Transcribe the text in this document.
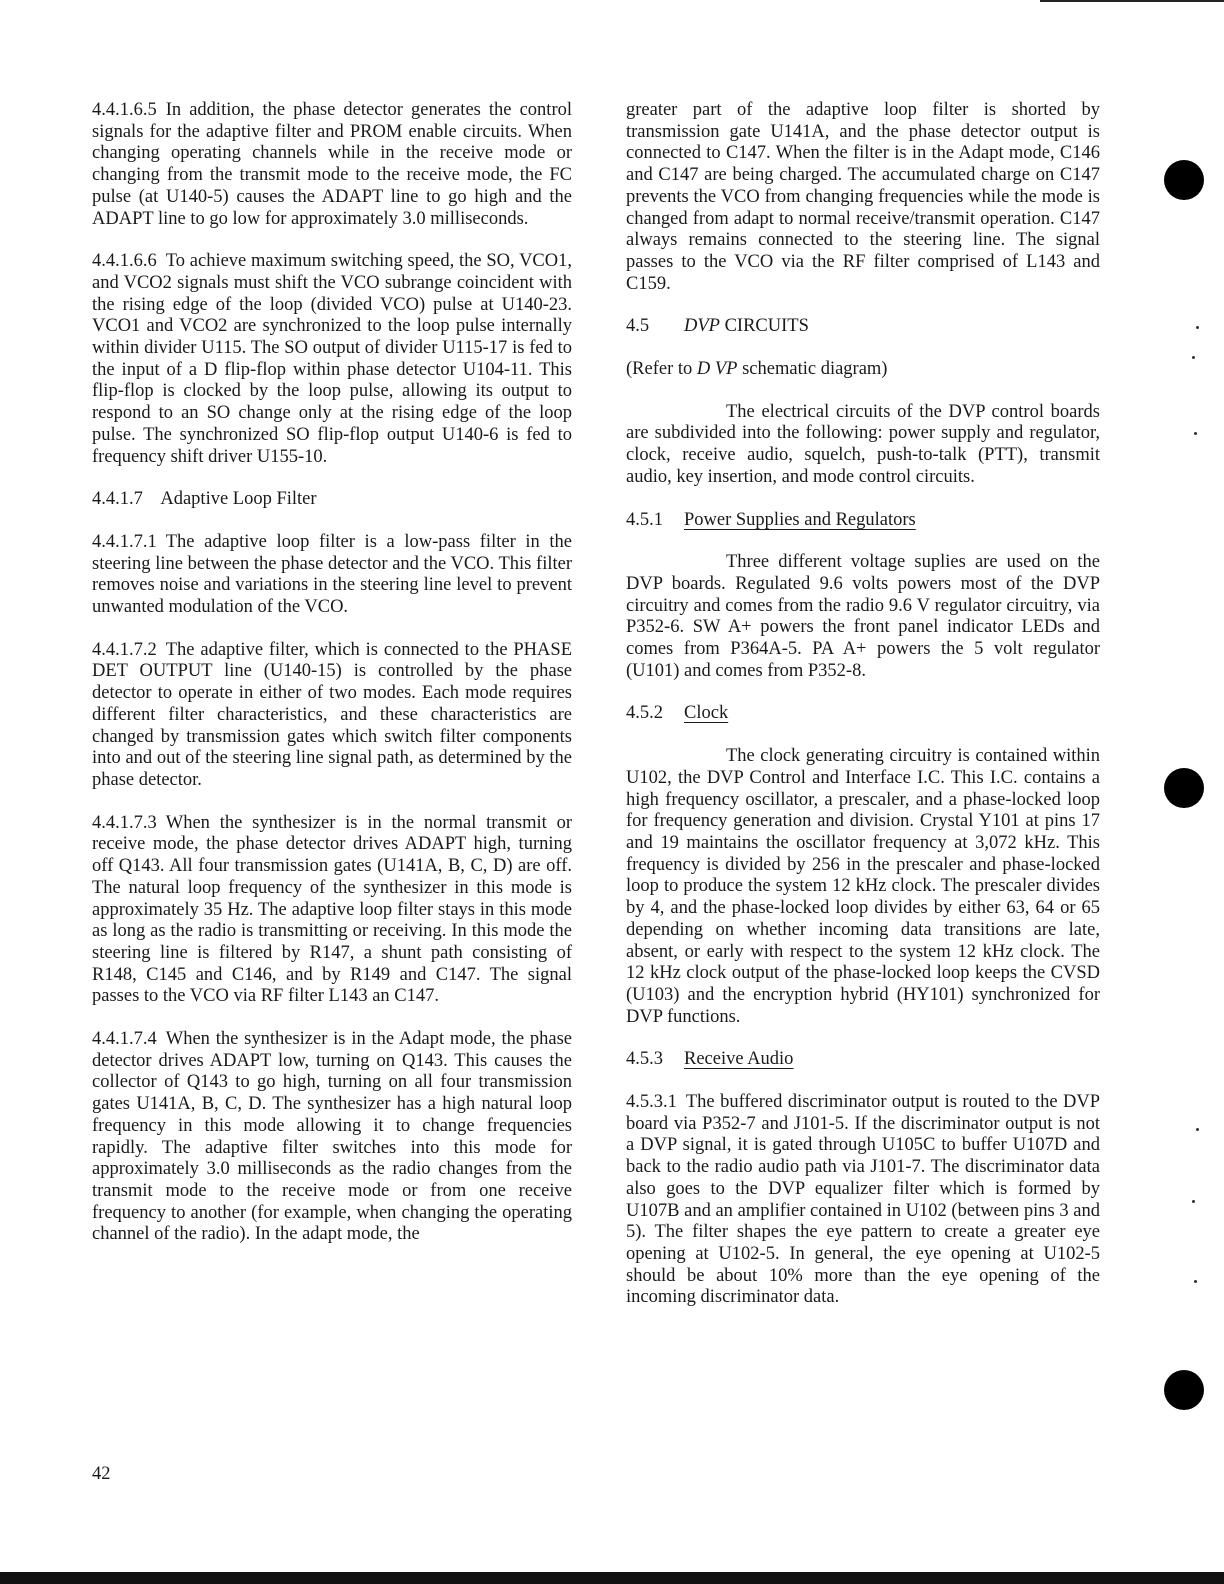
4.4.1.6.5 In addition, the phase detector generates the control signals for the adaptive filter and PROM enable circuits. When changing operating channels while in the receive mode or changing from the transmit mode to the receive mode, the FC pulse (at U140-5) causes the ADAPT line to go high and the ADAPT line to go low for approximately 3.0 milliseconds.

4.4.1.6.6 To achieve maximum switching speed, the SO, VCO1, and VCO2 signals must shift the VCO subrange coincident with the rising edge of the loop (divided VCO) pulse at U140-23. VCO1 and VCO2 are synchronized to the loop pulse internally within divider U115. The SO output of divider U115-17 is fed to the input of a D flip-flop within phase detector U104-11. This flip-flop is clocked by the loop pulse, allowing its output to respond to an SO change only at the rising edge of the loop pulse. The synchronized SO flip-flop output U140-6 is fed to frequency shift driver U155-10.

4.4.1.7    Adaptive Loop Filter

4.4.1.7.1 The adaptive loop filter is a low-pass filter in the steering line between the phase detector and the VCO. This filter removes noise and variations in the steering line level to prevent unwanted modulation of the VCO.

4.4.1.7.2 The adaptive filter, which is connected to the PHASE DET OUTPUT line (U140-15) is controlled by the phase detector to operate in either of two modes. Each mode requires different filter characteristics, and these characteristics are changed by transmission gates which switch filter components into and out of the steering line signal path, as determined by the phase detector.

4.4.1.7.3 When the synthesizer is in the normal transmit or receive mode, the phase detector drives ADAPT high, turning off Q143. All four transmission gates (U141A, B, C, D) are off. The natural loop frequency of the synthesizer in this mode is approximately 35 Hz. The adaptive loop filter stays in this mode as long as the radio is transmitting or receiving. In this mode the steering line is filtered by R147, a shunt path consisting of R148, C145 and C146, and by R149 and C147. The signal passes to the VCO via RF filter L143 an C147.

4.4.1.7.4 When the synthesizer is in the Adapt mode, the phase detector drives ADAPT low, turning on Q143. This causes the collector of Q143 to go high, turning on all four transmission gates U141A, B, C, D. The synthesizer has a high natural loop frequency in this mode allowing it to change frequencies rapidly. The adaptive filter switches into this mode for approximately 3.0 milliseconds as the radio changes from the transmit mode to the receive mode or from one receive frequency to another (for example, when changing the operating channel of the radio). In the adapt mode, the

greater part of the adaptive loop filter is shorted by transmission gate U141A, and the phase detector output is connected to C147. When the filter is in the Adapt mode, C146 and C147 are being charged. The accumulated charge on C147 prevents the VCO from changing frequencies while the mode is changed from adapt to normal receive/transmit operation. C147 always remains connected to the steering line. The signal passes to the VCO via the RF filter comprised of L143 and C159.

4.5 DVP CIRCUITS

(Refer to D VP schematic diagram)

The electrical circuits of the DVP control boards are subdivided into the following: power supply and regulator, clock, receive audio, squelch, push-to-talk (PTT), transmit audio, key insertion, and mode control circuits.

4.5.1 Power Supplies and Regulators

Three different voltage suplies are used on the DVP boards. Regulated 9.6 volts powers most of the DVP circuitry and comes from the radio 9.6 V regulator circuitry, via P352-6. SW A+ powers the front panel indicator LEDs and comes from P364A-5. PA A+ powers the 5 volt regulator (U101) and comes from P352-8.

4.5.2 Clock

The clock generating circuitry is contained within U102, the DVP Control and Interface I.C. This I.C. contains a high frequency oscillator, a prescaler, and a phase-locked loop for frequency generation and division. Crystal Y101 at pins 17 and 19 maintains the oscillator frequency at 3,072 kHz. This frequency is divided by 256 in the prescaler and phase-locked loop to produce the system 12 kHz clock. The prescaler divides by 4, and the phase-locked loop divides by either 63, 64 or 65 depending on whether incoming data transitions are late, absent, or early with respect to the system 12 kHz clock. The 12 kHz clock output of the phase-locked loop keeps the CVSD (U103) and the encryption hybrid (HY101) synchronized for DVP functions.

4.5.3 Receive Audio

4.5.3.1 The buffered discriminator output is routed to the DVP board via P352-7 and J101-5. If the discriminator output is not a DVP signal, it is gated through U105C to buffer U107D and back to the radio audio path via J101-7. The discriminator data also goes to the DVP equalizer filter which is formed by U107B and an amplifier contained in U102 (between pins 3 and 5). The filter shapes the eye pattern to create a greater eye opening at U102-5. In general, the eye opening at U102-5 should be about 10% more than the eye opening of the incoming discriminator data.

42
